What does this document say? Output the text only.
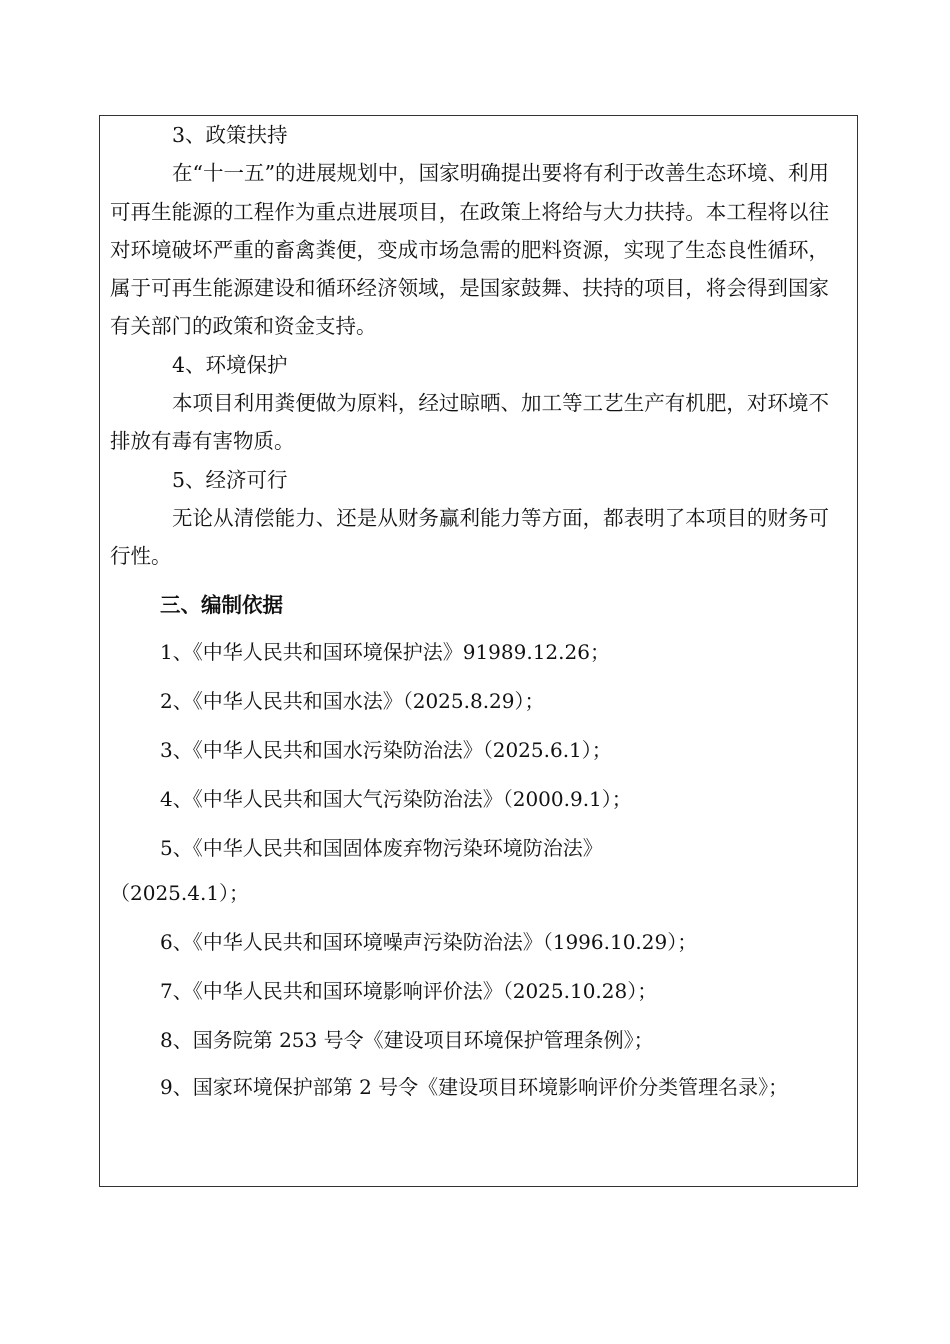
3、政策扶持

在“十一五”的进展规划中，国家明确提出要将有利于改善生态环境、利用可再生能源的工程作为重点进展项目，在政策上将给与大力扶持。本工程将以往对环境破坏严重的畜禽粪便，变成市场急需的肥料资源，实现了生态良性循环，属于可再生能源建设和循环经济领域，是国家鼓舞、扶持的项目，将会得到国家有关部门的政策和资金支持。

4、环境保护

本项目利用粪便做为原料，经过晾晒、加工等工艺生产有机肥，对环境不排放有毒有害物质。

5、经济可行

无论从清偿能力、还是从财务赢利能力等方面，都表明了本项目的财务可行性。

三、编制依据

1、《中华人民共和国环境保护法》91989.12.26；

2、《中华人民共和国水法》（2025.8.29）；

3、《中华人民共和国水污染防治法》（2025.6.1）；

4、《中华人民共和国大气污染防治法》（2000.9.1）；

5、《中华人民共和国固体废弃物污染环境防治法》

（2025.4.1）；

6、《中华人民共和国环境噪声污染防治法》（1996.10.29）；

7、《中华人民共和国环境影响评价法》（2025.10.28）；

8、国务院第 253 号令《建设项目环境保护管理条例》；

9、国家环境保护部第 2 号令《建设项目环境影响评价分类管理名录》；
